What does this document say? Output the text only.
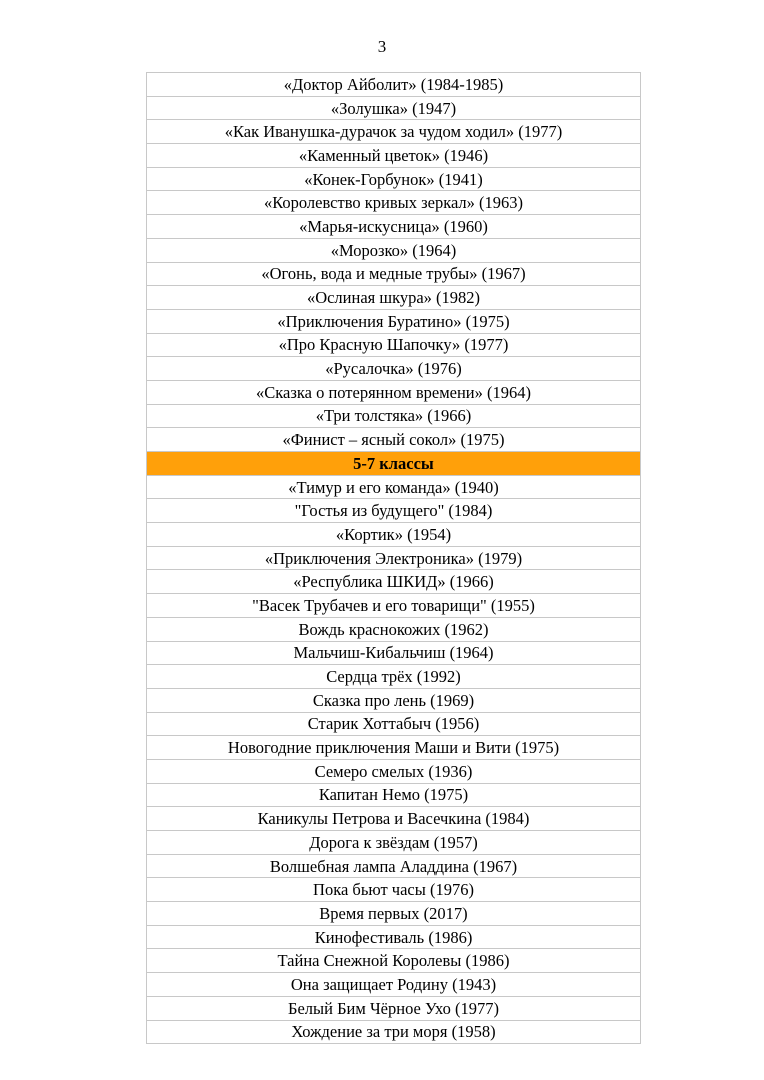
3
«Доктор Айболит» (1984-1985)
«Золушка» (1947)
«Как Иванушка-дурачок за чудом ходил» (1977)
«Каменный цветок» (1946)
«Конек-Горбунок» (1941)
«Королевство кривых зеркал» (1963)
«Марья-искусница» (1960)
«Морозко» (1964)
«Огонь, вода и медные трубы» (1967)
«Ослиная шкура» (1982)
«Приключения Буратино» (1975)
«Про Красную Шапочку» (1977)
«Русалочка» (1976)
«Сказка о потерянном времени» (1964)
«Три толстяка» (1966)
«Финист – ясный сокол» (1975)
5-7 классы
«Тимур и его команда» (1940)
"Гостья из будущего" (1984)
«Кортик» (1954)
«Приключения Электроника» (1979)
«Республика ШКИД» (1966)
"Васек Трубачев и его товарищи" (1955)
Вождь краснокожих (1962)
Мальчиш-Кибальчиш (1964)
Сердца трёх (1992)
Сказка про лень (1969)
Старик Хоттабыч (1956)
Новогодние приключения Маши и Вити (1975)
Семеро смелых (1936)
Капитан Немо (1975)
Каникулы Петрова и Васечкина (1984)
Дорога к звёздам (1957)
Волшебная лампа Аладдина (1967)
Пока бьют часы (1976)
Время первых (2017)
Кинофестиваль (1986)
Тайна Снежной Королевы (1986)
Она защищает Родину (1943)
Белый Бим Чёрное Ухо (1977)
Хождение за три моря (1958)
